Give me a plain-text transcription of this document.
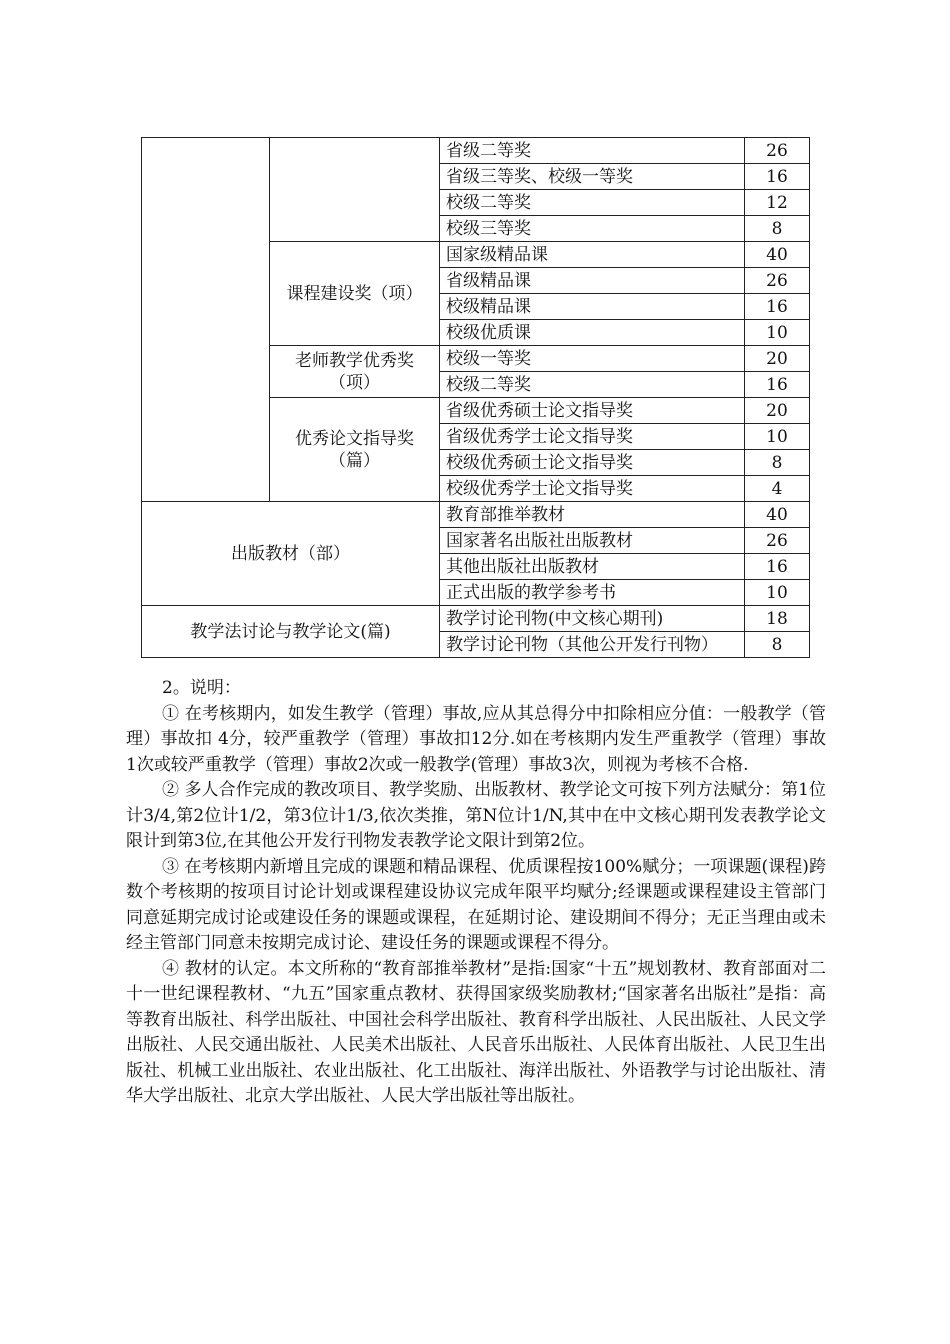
		省级二等奖	26
		省级三等奖、校级一等奖	16
		校级二等奖	12
		校级三等奖	8
	课程建设奖（项）	国家级精品课	40
		省级精品课	26
		校级精品课	16
		校级优质课	10
	老师教学优秀奖（项）	校级一等奖	20
		校级二等奖	16
	优秀论文指导奖（篇）	省级优秀硕士论文指导奖	20
		省级优秀学士论文指导奖	10
		校级优秀硕士论文指导奖	8
		校级优秀学士论文指导奖	4
出版教材（部）		教育部推举教材	40
		国家著名出版社出版教材	26
		其他出版社出版教材	16
		正式出版的教学参考书	10
教学法讨论与教学论文(篇)		教学讨论刊物(中文核心期刊)	18
		教学讨论刊物（其他公开发行刊物）	8

2。说明：

① 在考核期内，如发生教学（管理）事故,应从其总得分中扣除相应分值：一般教学（管理）事故扣 4分，较严重教学（管理）事故扣12分.如在考核期内发生严重教学（管理）事故1次或较严重教学（管理）事故2次或一般教学(管理）事故3次，则视为考核不合格.

② 多人合作完成的教改项目、教学奖励、出版教材、教学论文可按下列方法赋分：第1位计3/4,第2位计1/2，第3位计1/3,依次类推，第N位计1/N,其中在中文核心期刊发表教学论文限计到第3位,在其他公开发行刊物发表教学论文限计到第2位。

③ 在考核期内新增且完成的课题和精品课程、优质课程按100%赋分；一项课题(课程)跨数个考核期的按项目讨论计划或课程建设协议完成年限平均赋分;经课题或课程建设主管部门同意延期完成讨论或建设任务的课题或课程，在延期讨论、建设期间不得分；无正当理由或未经主管部门同意未按期完成讨论、建设任务的课题或课程不得分。

④ 教材的认定。本文所称的“教育部推举教材”是指:国家“十五”规划教材、教育部面对二十一世纪课程教材、“九五”国家重点教材、获得国家级奖励教材;“国家著名出版社”是指：高等教育出版社、科学出版社、中国社会科学出版社、教育科学出版社、人民出版社、人民文学出版社、人民交通出版社、人民美术出版社、人民音乐出版社、人民体育出版社、人民卫生出版社、机械工业出版社、农业出版社、化工出版社、海洋出版社、外语教学与讨论出版社、清华大学出版社、北京大学出版社、人民大学出版社等出版社。
